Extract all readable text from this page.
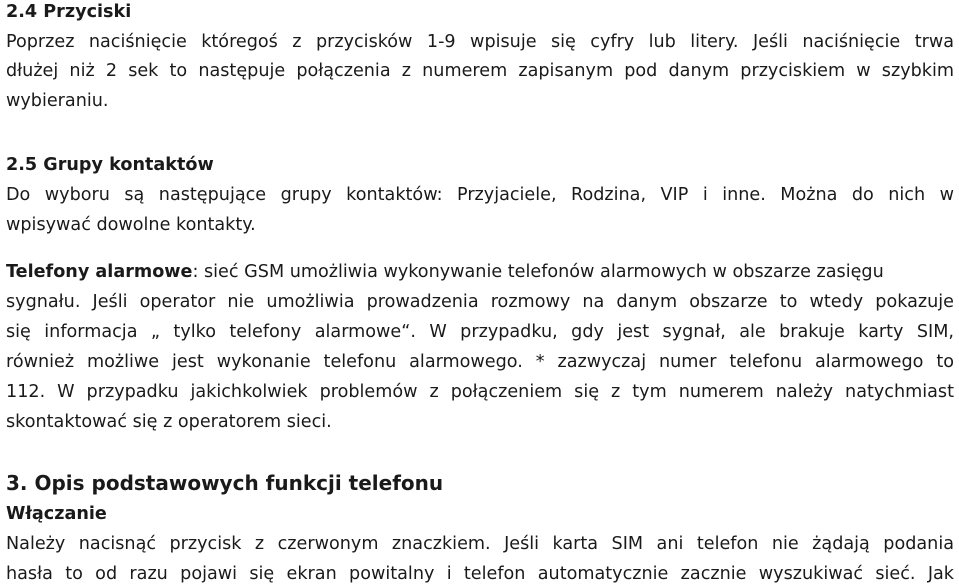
2.4 Przyciski
Poprzez naciśnięcie któregoś z przycisków 1-9 wpisuje się cyfry lub litery. Jeśli naciśnięcie trwa
dłużej niż 2 sek to następuje połączenia z numerem zapisanym pod danym przyciskiem w szybkim
wybieraniu.
2.5 Grupy kontaktów
Do wyboru są następujące grupy kontaktów: Przyjaciele, Rodzina, VIP i inne. Można do nich w
wpisywać dowolne kontakty.
Telefony alarmowe: sieć GSM umożliwia wykonywanie telefonów alarmowych w obszarze zasięgu
sygnału. Jeśli operator nie umożliwia prowadzenia rozmowy na danym obszarze to wtedy pokazuje
się informacja „ tylko telefony alarmowe“. W przypadku, gdy jest sygnał, ale brakuje karty SIM,
również możliwe jest wykonanie telefonu alarmowego. * zazwyczaj numer telefonu alarmowego to
112. W przypadku jakichkolwiek problemów z połączeniem się z tym numerem należy natychmiast
skontaktować się z operatorem sieci.
3. Opis podstawowych funkcji telefonu
Włączanie
Należy nacisnąć przycisk z czerwonym znaczkiem. Jeśli karta SIM ani telefon nie żądają podania
hasła to od razu pojawi się ekran powitalny i telefon automatycznie zacznie wyszukiwać sieć. Jak
